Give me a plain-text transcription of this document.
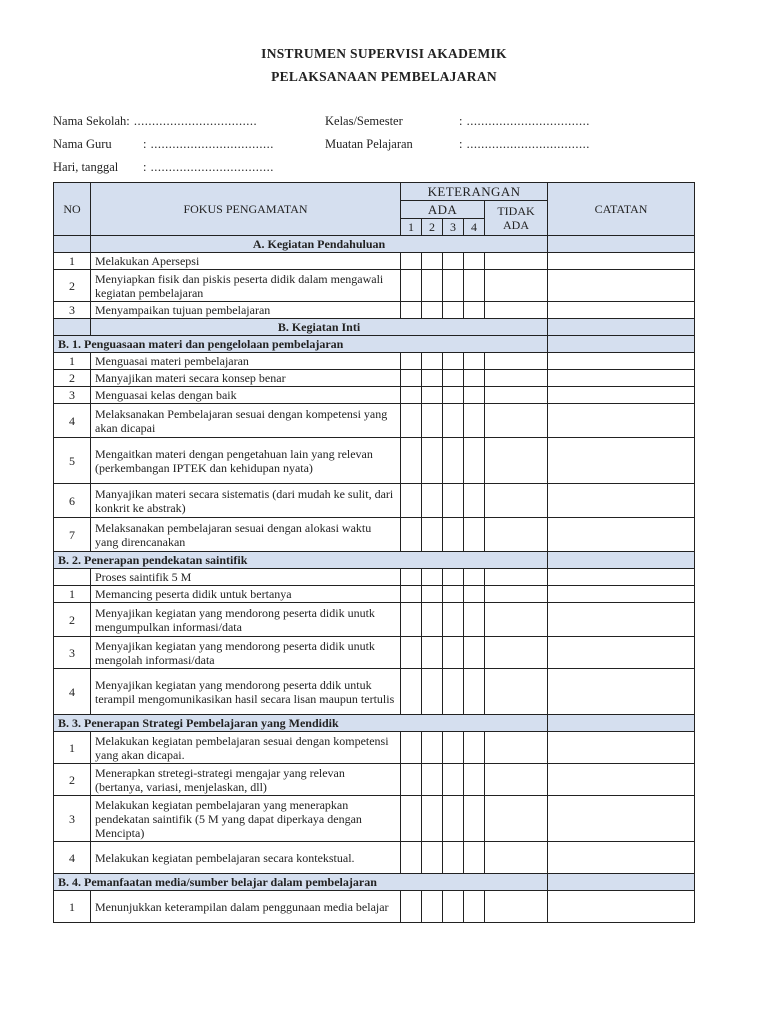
INSTRUMEN SUPERVISI AKADEMIK
PELAKSANAAN PEMBELAJARAN
Nama Sekolah: ..................................
Nama Guru	: ..................................
Hari, tanggal : ..................................
Kelas/Semester	: ..................................
Muatan Pelajaran	: ..................................
NO	FOKUS PENGAMATAN	KETERANGAN					CATATAN
		ADA				TIDAK ADA	
		1	2	3	4		
	A. Kegiatan Pendahuluan						
1	Melakukan Apersepsi						
2	Menyiapkan fisik dan piskis peserta didik dalam mengawali kegiatan pembelajaran						
3	Menyampaikan tujuan pembelajaran						
	B. Kegiatan Inti						
B. 1. Penguasaan materi dan pengelolaan pembelajaran							
1	Menguasai materi pembelajaran						
2	Manyajikan materi secara konsep benar						
3	Menguasai kelas dengan baik						
4	Melaksanakan Pembelajaran sesuai dengan kompetensi yang akan dicapai						
5	Mengaitkan materi dengan pengetahuan lain yang relevan (perkembangan IPTEK dan kehidupan nyata)						
6	Manyajikan materi secara sistematis (dari mudah ke sulit, dari konkrit ke abstrak)						
7	Melaksanakan pembelajaran sesuai dengan alokasi waktu yang direncanakan						
B. 2. Penerapan pendekatan saintifik							
	Proses saintifik 5 M						
1	Memancing peserta didik untuk bertanya						
2	Menyajikan kegiatan yang mendorong peserta didik unutk mengumpulkan informasi/data						
3	Menyajikan kegiatan yang mendorong peserta didik unutk mengolah informasi/data						
4	Menyajikan kegiatan yang mendorong peserta ddik untuk terampil mengomunikasikan hasil secara lisan maupun tertulis						
B. 3. Penerapan Strategi Pembelajaran yang Mendidik							
1	Melakukan kegiatan pembelajaran sesuai dengan kompetensi yang akan dicapai.						
2	Menerapkan stretegi-strategi mengajar yang relevan (bertanya, variasi, menjelaskan, dll)						
3	Melakukan kegiatan pembelajaran yang menerapkan pendekatan saintifik (5 M yang dapat diperkaya dengan Mencipta)						
4	Melakukan kegiatan pembelajaran secara kontekstual.						
B. 4. Pemanfaatan media/sumber belajar dalam pembelajaran							
1	Menunjukkan keterampilan dalam penggunaan media belajar						
